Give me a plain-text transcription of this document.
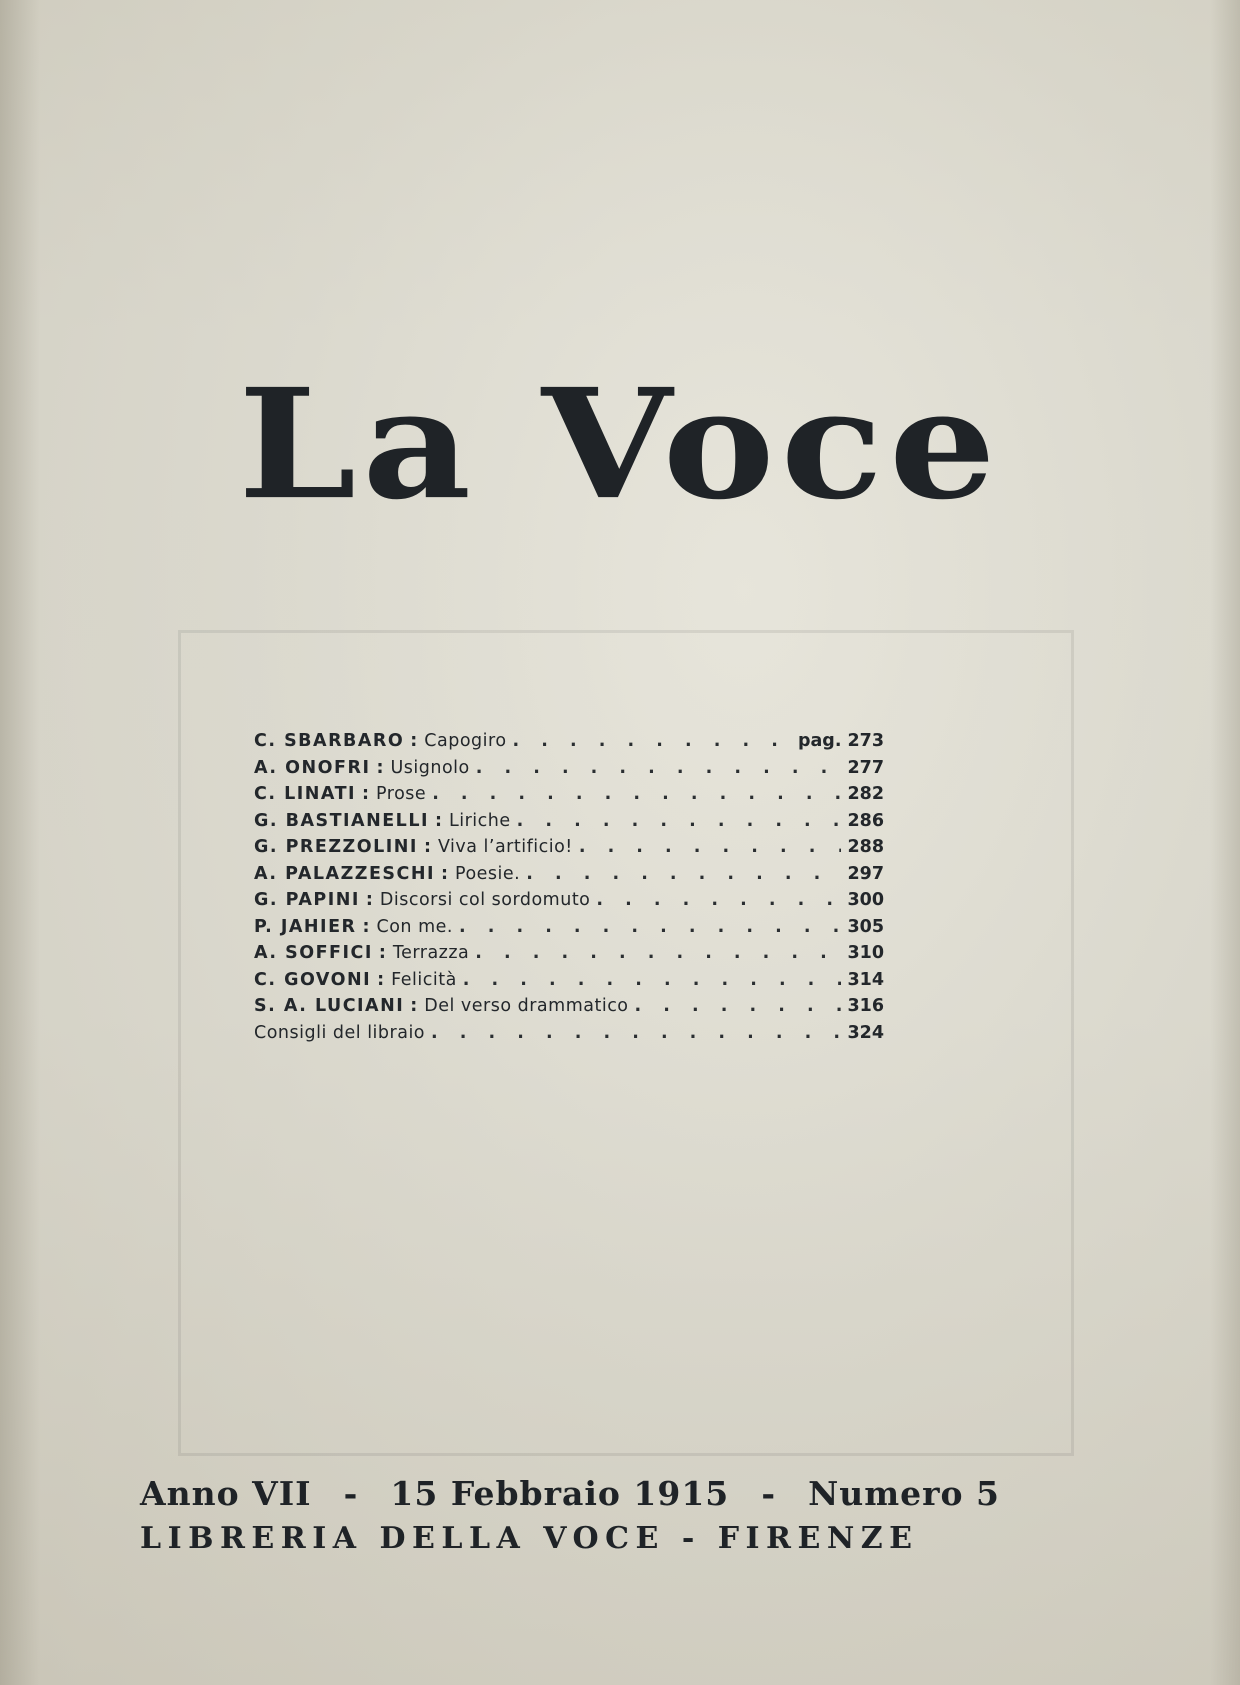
La Voce
C. SBARBARO : Capogiro . . .	pag. 273
A. ONOFRI : Usignolo . . .	277
C. LINATI : Prose . . .	282
G. BASTIANELLI : Liriche . . .	286
G. PREZZOLINI : Viva l’artificio! . . .	288
A. PALAZZESCHI : Poesie. . . .	297
G. PAPINI : Discorsi col sordomuto . . .	300
P. JAHIER : Con me. . . .	305
A. SOFFICI : Terrazza . . .	310
C. GOVONI : Felicità . . .	314
S. A. LUCIANI : Del verso drammatico . . .	316
Consigli del libraio . . .	324
Anno VII - 15 Febbraio 1915 - Numero 5
LIBRERIA DELLA VOCE - FIRENZE
